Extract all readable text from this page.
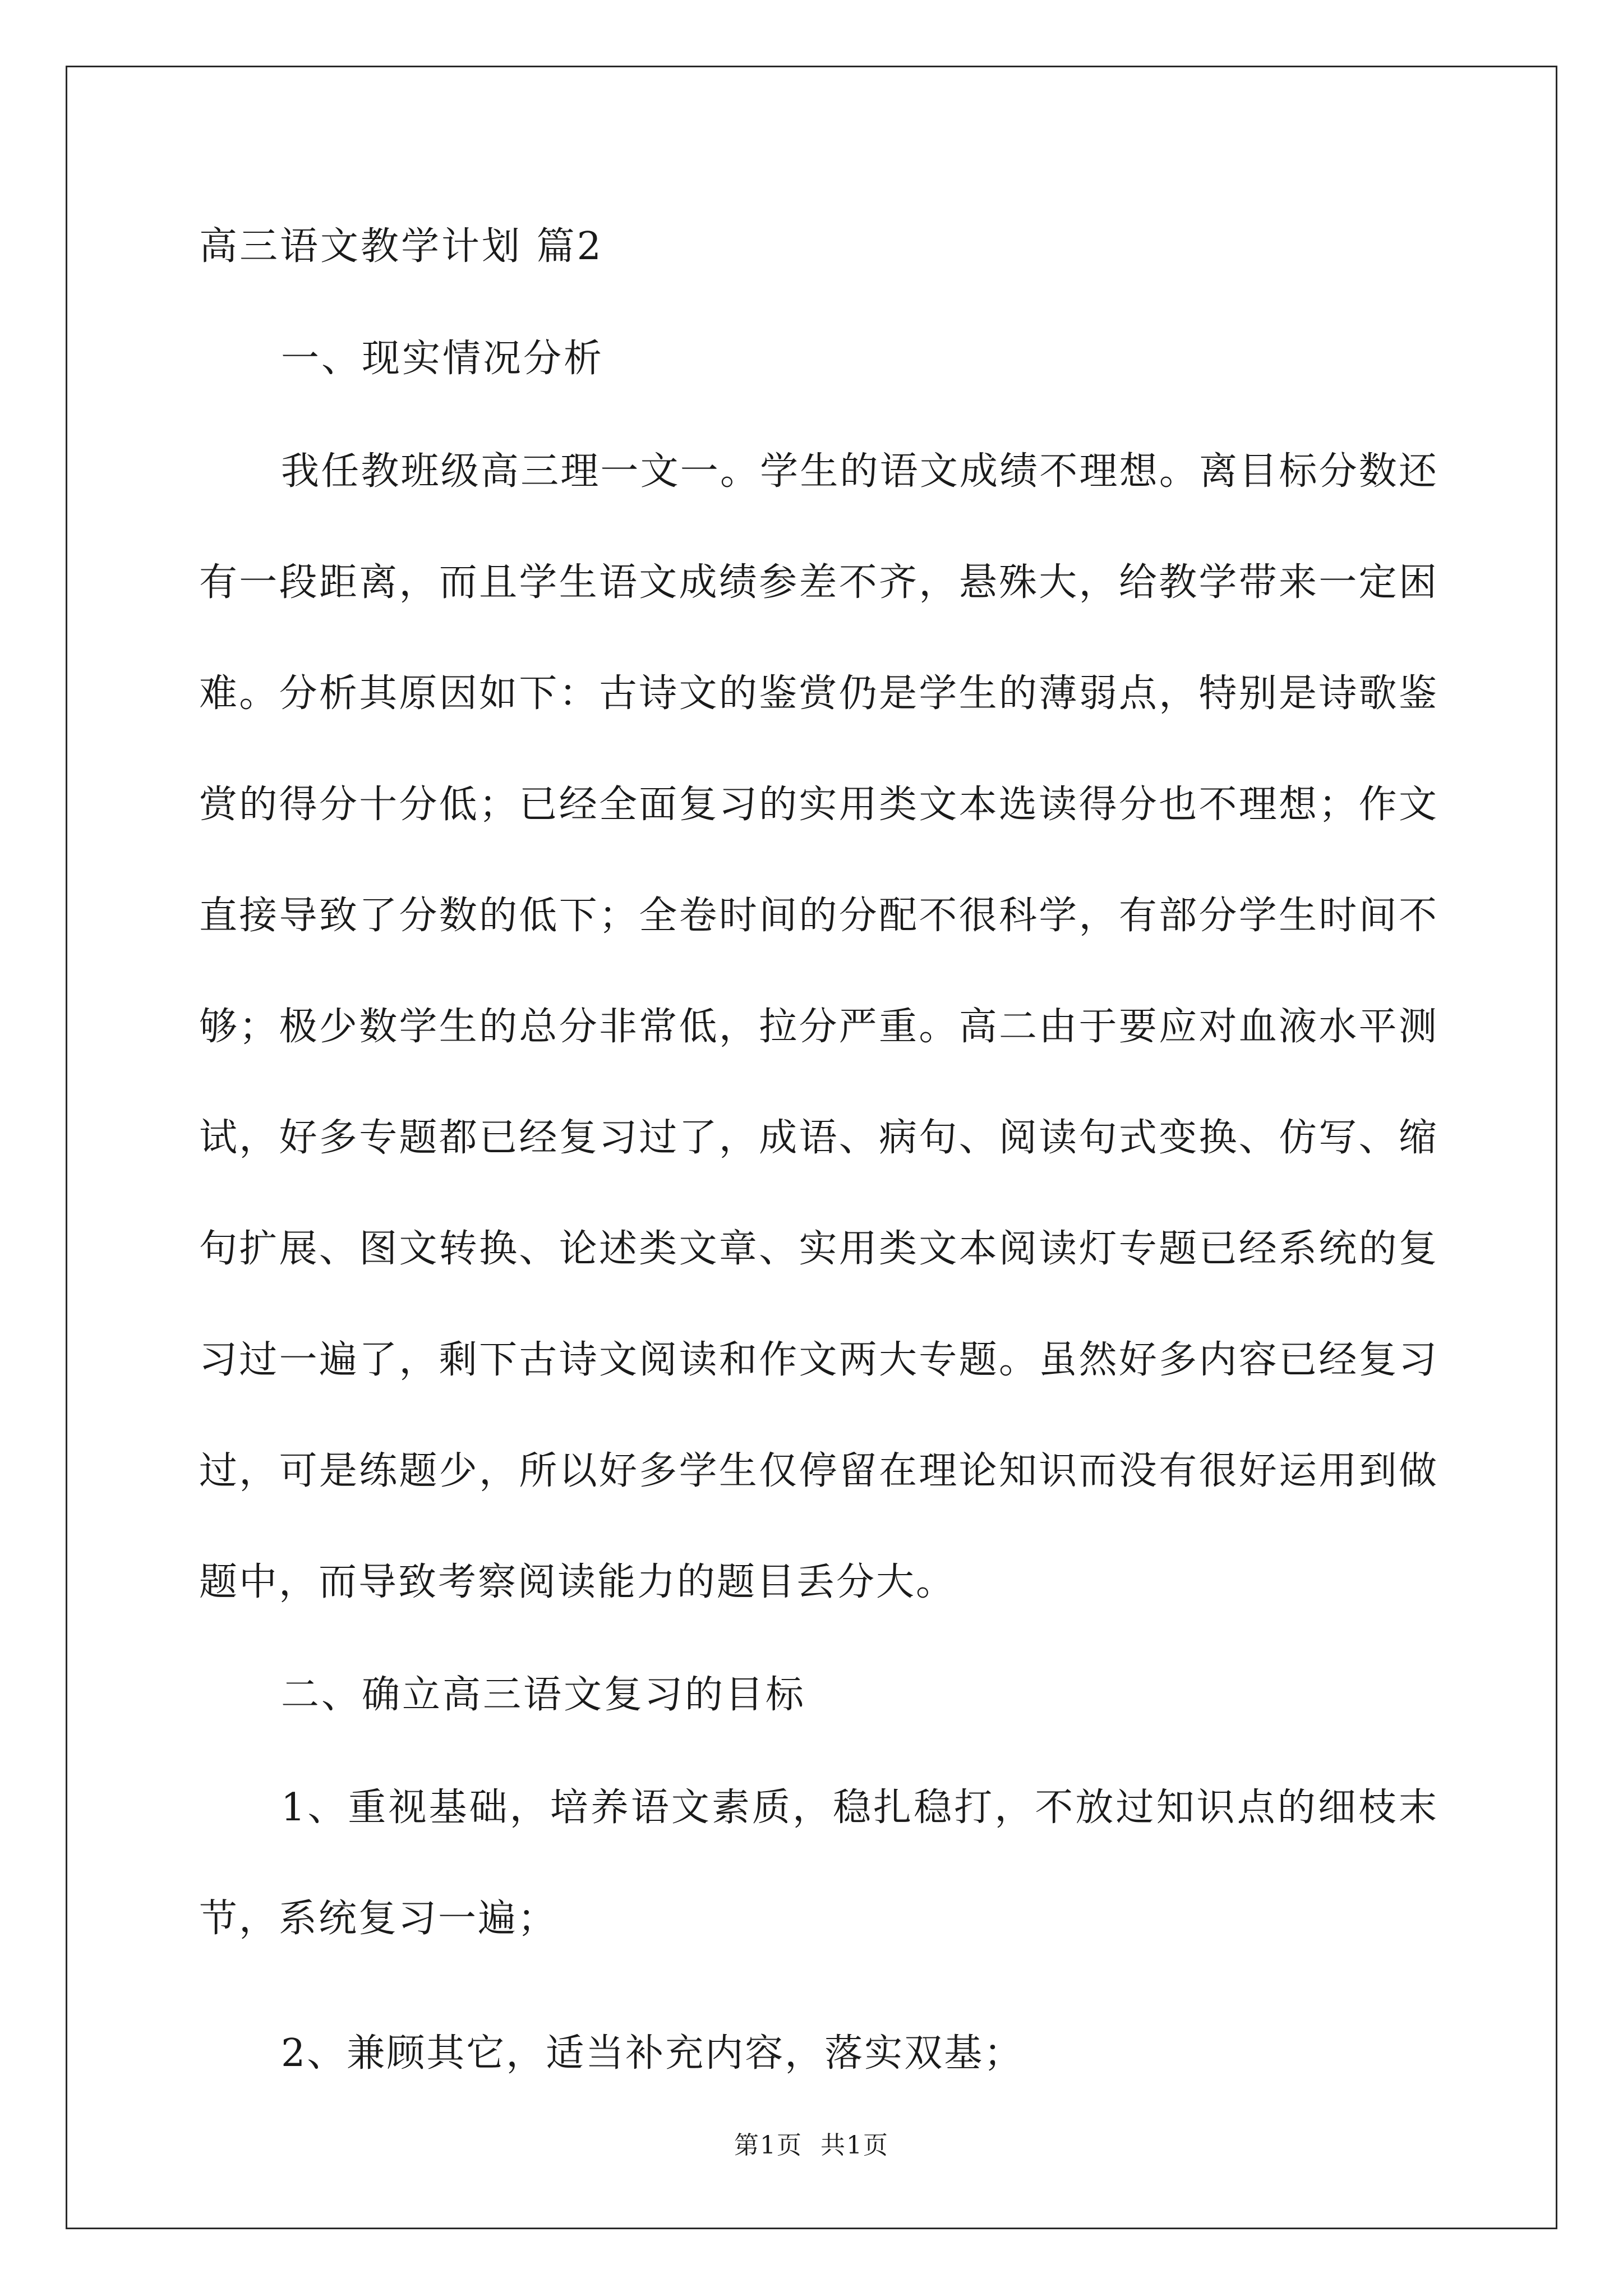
高三语文教学计划 篇2
一、现实情况分析

我任教班级高三理一文一。学生的语文成绩不理想。离目标分数还有一段距离，而且学生语文成绩参差不齐，悬殊大，给教学带来一定困难。分析其原因如下：古诗文的鉴赏仍是学生的薄弱点，特别是诗歌鉴赏的得分十分低；已经全面复习的实用类文本选读得分也不理想；作文直接导致了分数的低下；全卷时间的分配不很科学，有部分学生时间不够；极少数学生的总分非常低，拉分严重。高二由于要应对血液水平测试，好多专题都已经复习过了，成语、病句、阅读句式变换、仿写、缩句扩展、图文转换、论述类文章、实用类文本阅读灯专题已经系统的复习过一遍了，剩下古诗文阅读和作文两大专题。虽然好多内容已经复习过，可是练题少，所以好多学生仅停留在理论知识而没有很好运用到做题中，而导致考察阅读能力的题目丢分大。

二、确立高三语文复习的目标

1、重视基础，培养语文素质，稳扎稳打，不放过知识点的细枝末节，系统复习一遍；

2、兼顾其它，适当补充内容，落实双基；

第1页  共1页
